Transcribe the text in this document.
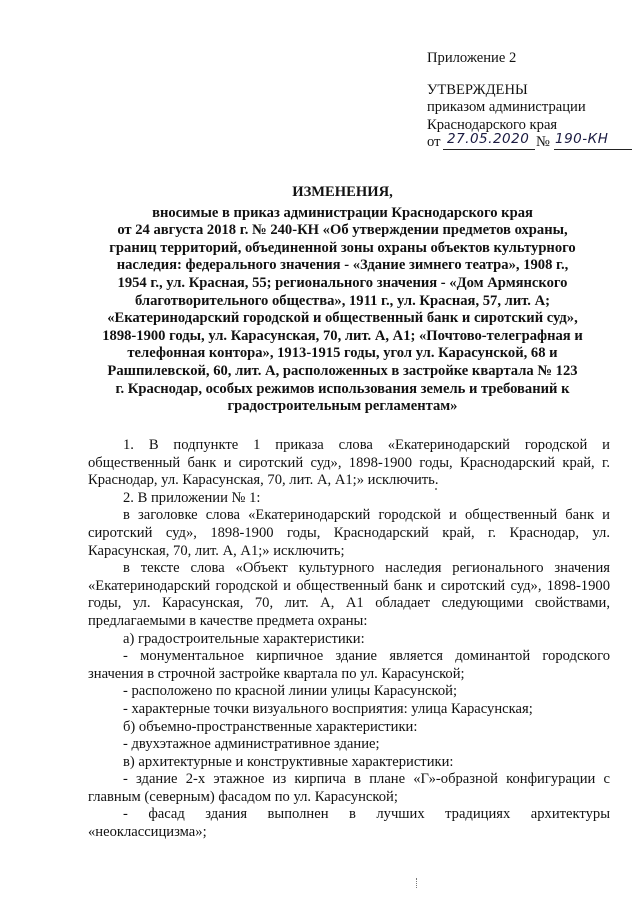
Приложение 2
УТВЕРЖДЕНЫ
приказом администрации
Краснодарского края
от 27.05.2020 № 190-КН
ИЗМЕНЕНИЯ,
вносимые в приказ администрации Краснодарского края
от 24 августа 2018 г. № 240-КН «Об утверждении предметов охраны,
границ территорий, объединенной зоны охраны объектов культурного
наследия: федерального значения - «Здание зимнего театра», 1908 г.,
1954 г., ул. Красная, 55; регионального значения - «Дом Армянского
благотворительного общества», 1911 г., ул. Красная, 57, лит. А;
«Екатеринодарский городской и общественный банк и сиротский суд»,
1898-1900 годы, ул. Карасунская, 70, лит. А, А1; «Почтово-телеграфная и
телефонная контора», 1913-1915 годы, угол ул. Карасунской, 68 и
Рашпилевской, 60, лит. А, расположенных в застройке квартала № 123
г. Краснодар, особых режимов использования земель и требований к
градостроительным регламентам»
1. В подпункте 1 приказа слова «Екатеринодарский городской и общественный банк и сиротский суд», 1898-1900 годы, Краснодарский край, г. Краснодар, ул. Карасунская, 70, лит. А, А1;» исключить.
2. В приложении № 1:
в заголовке слова «Екатеринодарский городской и общественный банк и сиротский суд», 1898-1900 годы, Краснодарский край, г. Краснодар, ул. Карасунская, 70, лит. А, А1;» исключить;
в тексте слова «Объект культурного наследия регионального значения «Екатеринодарский городской и общественный банк и сиротский суд», 1898-1900 годы, ул. Карасунская, 70, лит. А, А1 обладает следующими свойствами, предлагаемыми в качестве предмета охраны:
а) градостроительные характеристики:
- монументальное кирпичное здание является доминантой городского значения в строчной застройке квартала по ул. Карасунской;
- расположено по красной линии улицы Карасунской;
- характерные точки визуального восприятия: улица Карасунская;
б) объемно-пространственные характеристики:
- двухэтажное административное здание;
в) архитектурные и конструктивные характеристики:
- здание 2-х этажное из кирпича в плане «Г»-образной конфигурации с главным (северным) фасадом по ул. Карасунской;
- фасад здания выполнен в лучших традициях архитектуры «неоклассицизма»;
